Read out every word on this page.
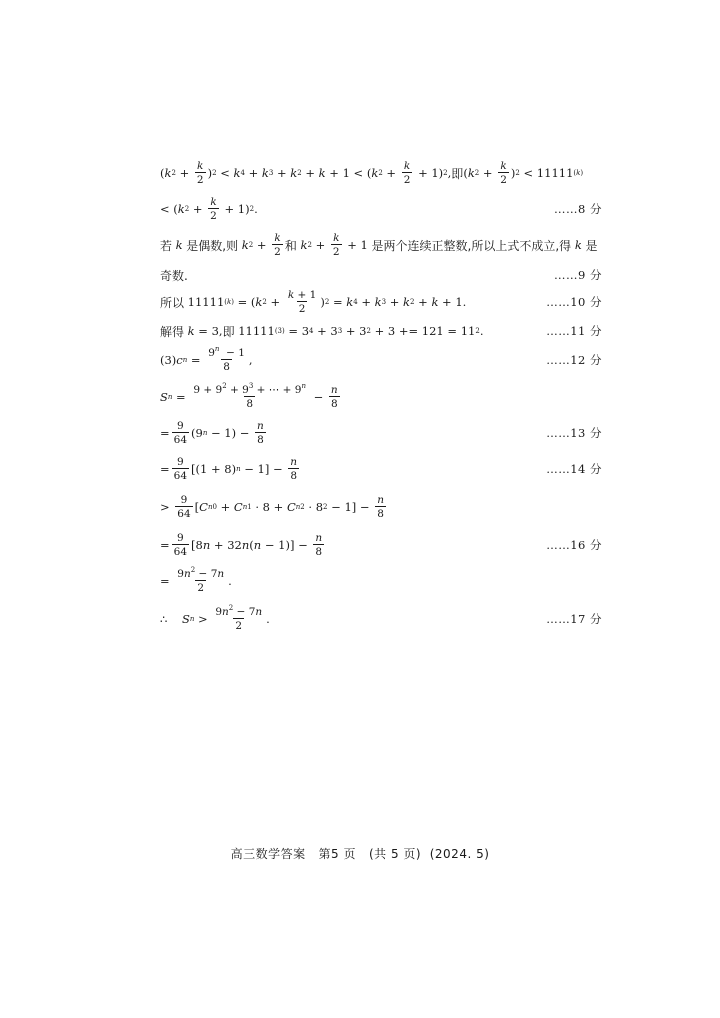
( k $2 + \frac{k}{2}$ ) 2 < k 4 + k 3 + k 2 + k + 1 < ( k $2 + \frac{k}{2} + 1$) 2 , 即 ( k $2 + \frac{k}{2}$ ) 2 < 11111 (k)
< ( k $2 + \frac{k}{2} + 1$) 2 .	……8 分
若
k
是偶数,则
k $2 + \frac{k}{2}$ 和
k $2 + \frac{k}{2} + 1$ 是两个连续正整数,所以上式不成立,得
k
是
奇数.	……9 分
所以 11111 (k) = ( k $2 + \frac{k + 1}{2}$ ) 2 = k 4 + k 3 + k 2 + k + 1.	……10 分
解得
k = 3, 即 11111 (3) = 3 4 + 3 3 + 3 2 + 3 += 121 = 11 2 .	……11 分
(3) c $n = \frac{9^n - 1}{8}$ ,	……12 分
S $n = \frac{9 + 9^2 + 9^3 + \cdots + 9^n}{8} - \frac{n}{8}$
= $\frac{9}{64} (9$ $n - 1) - \frac{n}{8}$	……13 分
= $\frac{9}{64} [(1 + 8) n - 1] - \frac{n}{8}$	……14 分
> $\frac{9}{64}$ [ C n 0 + C n 1 · 8 + C n 2 · 8 $2 - 1] - \frac{n}{8}$
= $\frac{9}{64} [8$ n + 32 n ( $n - 1)] - \frac{n}{8}$	……16 分
= $\frac{9n^2 - 7n}{2}$ .
∴
S $n > \frac{9n^2 - 7n}{2}$ .	……17 分
高三数学答案 第5 页 (共 5 页) (2024. 5)
